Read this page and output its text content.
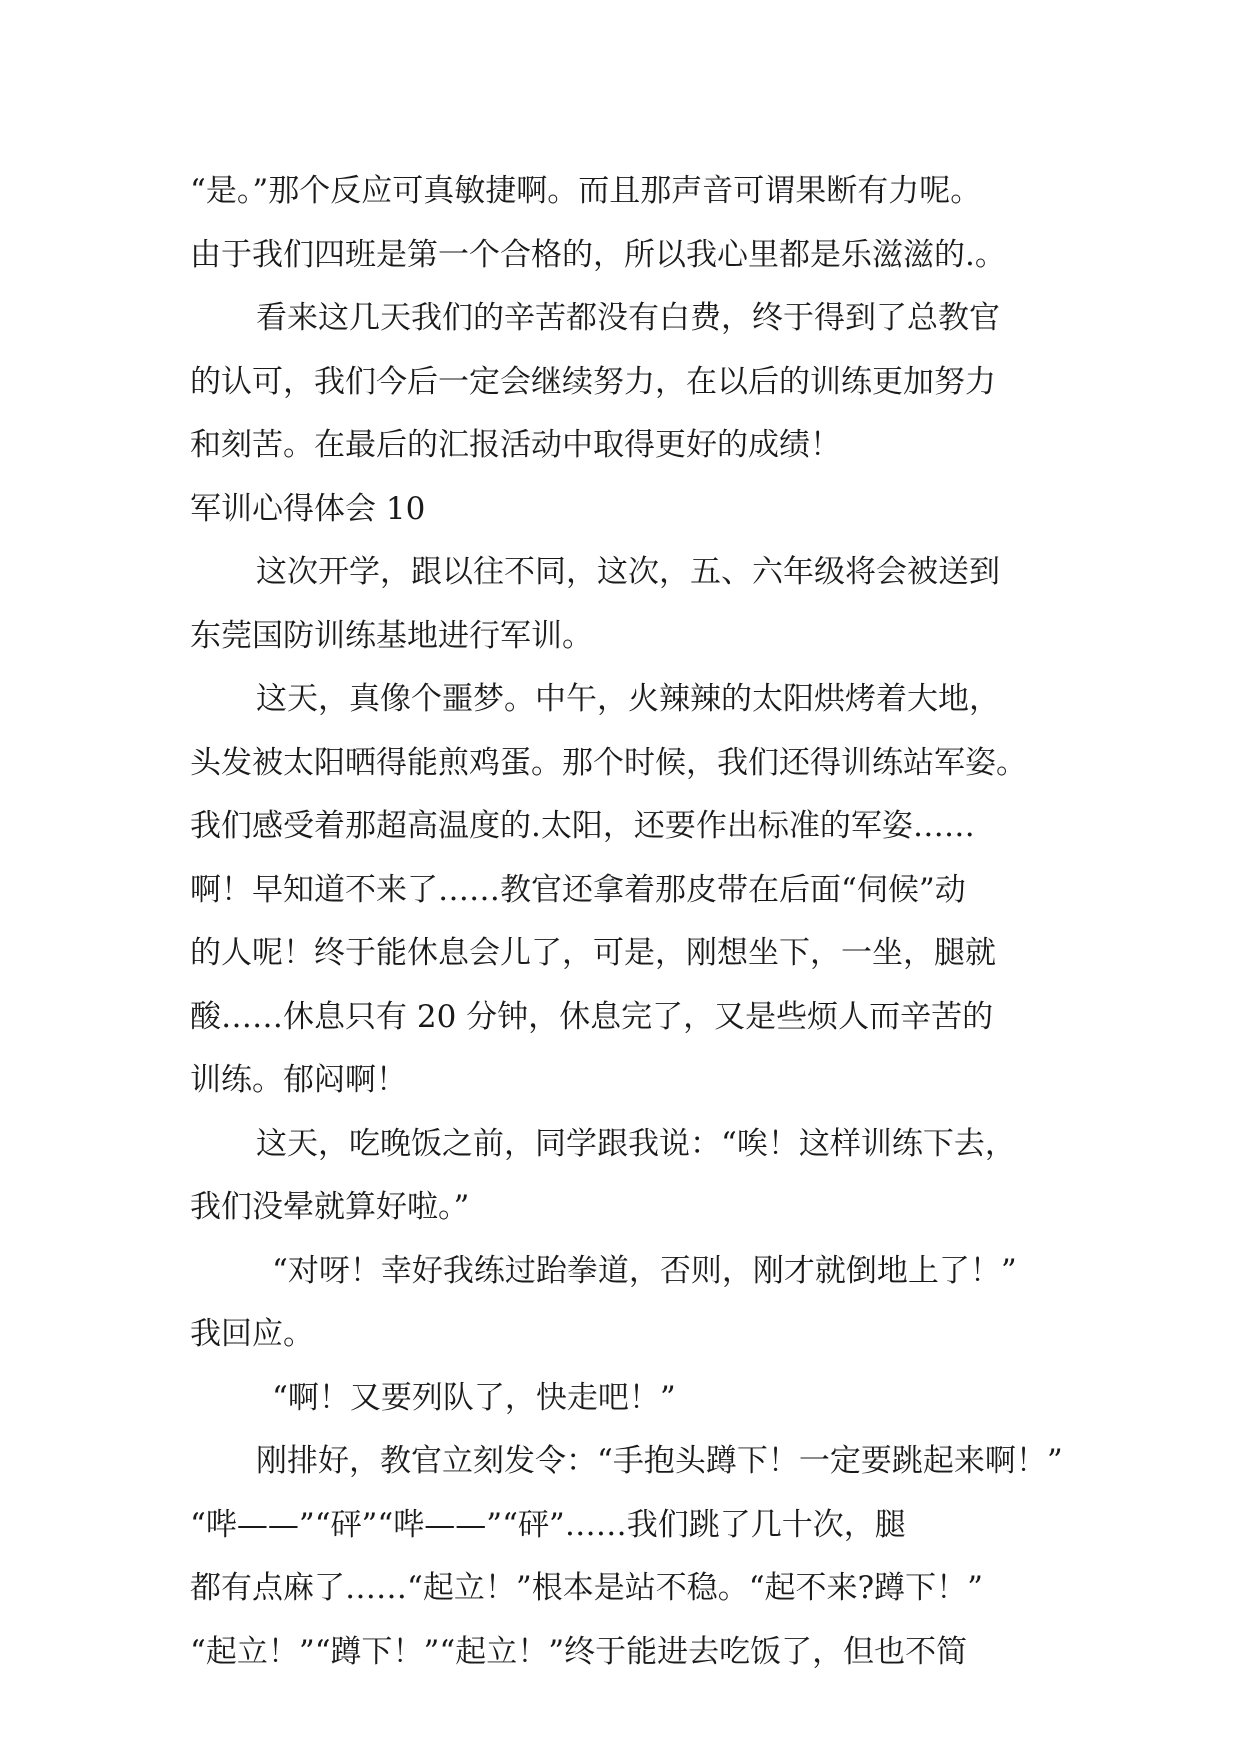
“是。”那个反应可真敏捷啊。而且那声音可谓果断有力呢。
由于我们四班是第一个合格的，所以我心里都是乐滋滋的.。
看来这几天我们的辛苦都没有白费，终于得到了总教官
的认可，我们今后一定会继续努力，在以后的训练更加努力
和刻苦。在最后的汇报活动中取得更好的成绩！
军训心得体会 10
这次开学，跟以往不同，这次，五、六年级将会被送到
东莞国防训练基地进行军训。
这天，真像个噩梦。中午，火辣辣的太阳烘烤着大地，
头发被太阳晒得能煎鸡蛋。那个时候，我们还得训练站军姿。
我们感受着那超高温度的.太阳，还要作出标准的军姿……
啊！早知道不来了……教官还拿着那皮带在后面“伺候”动
的人呢！终于能休息会儿了，可是，刚想坐下，一坐，腿就
酸……休息只有 20 分钟，休息完了，又是些烦人而辛苦的
训练。郁闷啊！
这天，吃晚饭之前，同学跟我说：“唉！这样训练下去，
我们没晕就算好啦。”
“对呀！幸好我练过跆拳道，否则，刚才就倒地上了！”
我回应。
“啊！又要列队了，快走吧！”
刚排好，教官立刻发令：“手抱头蹲下！一定要跳起来啊！”
“哔——”“砰”“哔——”“砰”……我们跳了几十次，腿
都有点麻了……“起立！”根本是站不稳。“起不来?蹲下！”
“起立！”“蹲下！”“起立！”终于能进去吃饭了，但也不简
